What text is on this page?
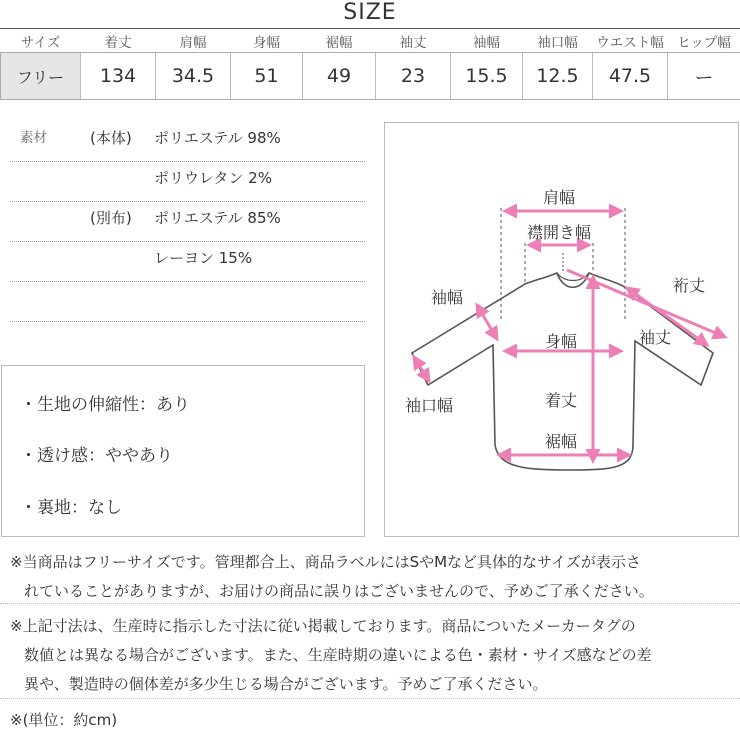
SIZE
サイズ	着丈	肩幅	身幅	裾幅	袖丈	袖幅	袖口幅	ウエスト幅	ヒップ幅
フリー	134	34.5	51	49	23	15.5	12.5	47.5	ー
素材	(本体) ポリエステル 98%
ポリウレタン 2%
(別布) ポリエステル 85%
レーヨン 15%
・生地の伸縮性：あり
・透け感：ややあり
・裏地：なし
肩幅
襟開き幅
裄丈
袖幅
袖丈
身幅
袖口幅	着丈
裾幅
※当商品はフリーサイズです。管理都合上、商品ラベルにはSやMなど具体的なサイズが表示さ
れていることがありますが、お届けの商品に誤りはございませんので、予めご了承ください。
※上記寸法は、生産時に指示した寸法に従い掲載しております。商品についたメーカータグの
数値とは異なる場合がございます。また、生産時期の違いによる色・素材・サイズ感などの差
異や、製造時の個体差が多少生じる場合がございます。予めご了承ください。
※(単位：約cm)
